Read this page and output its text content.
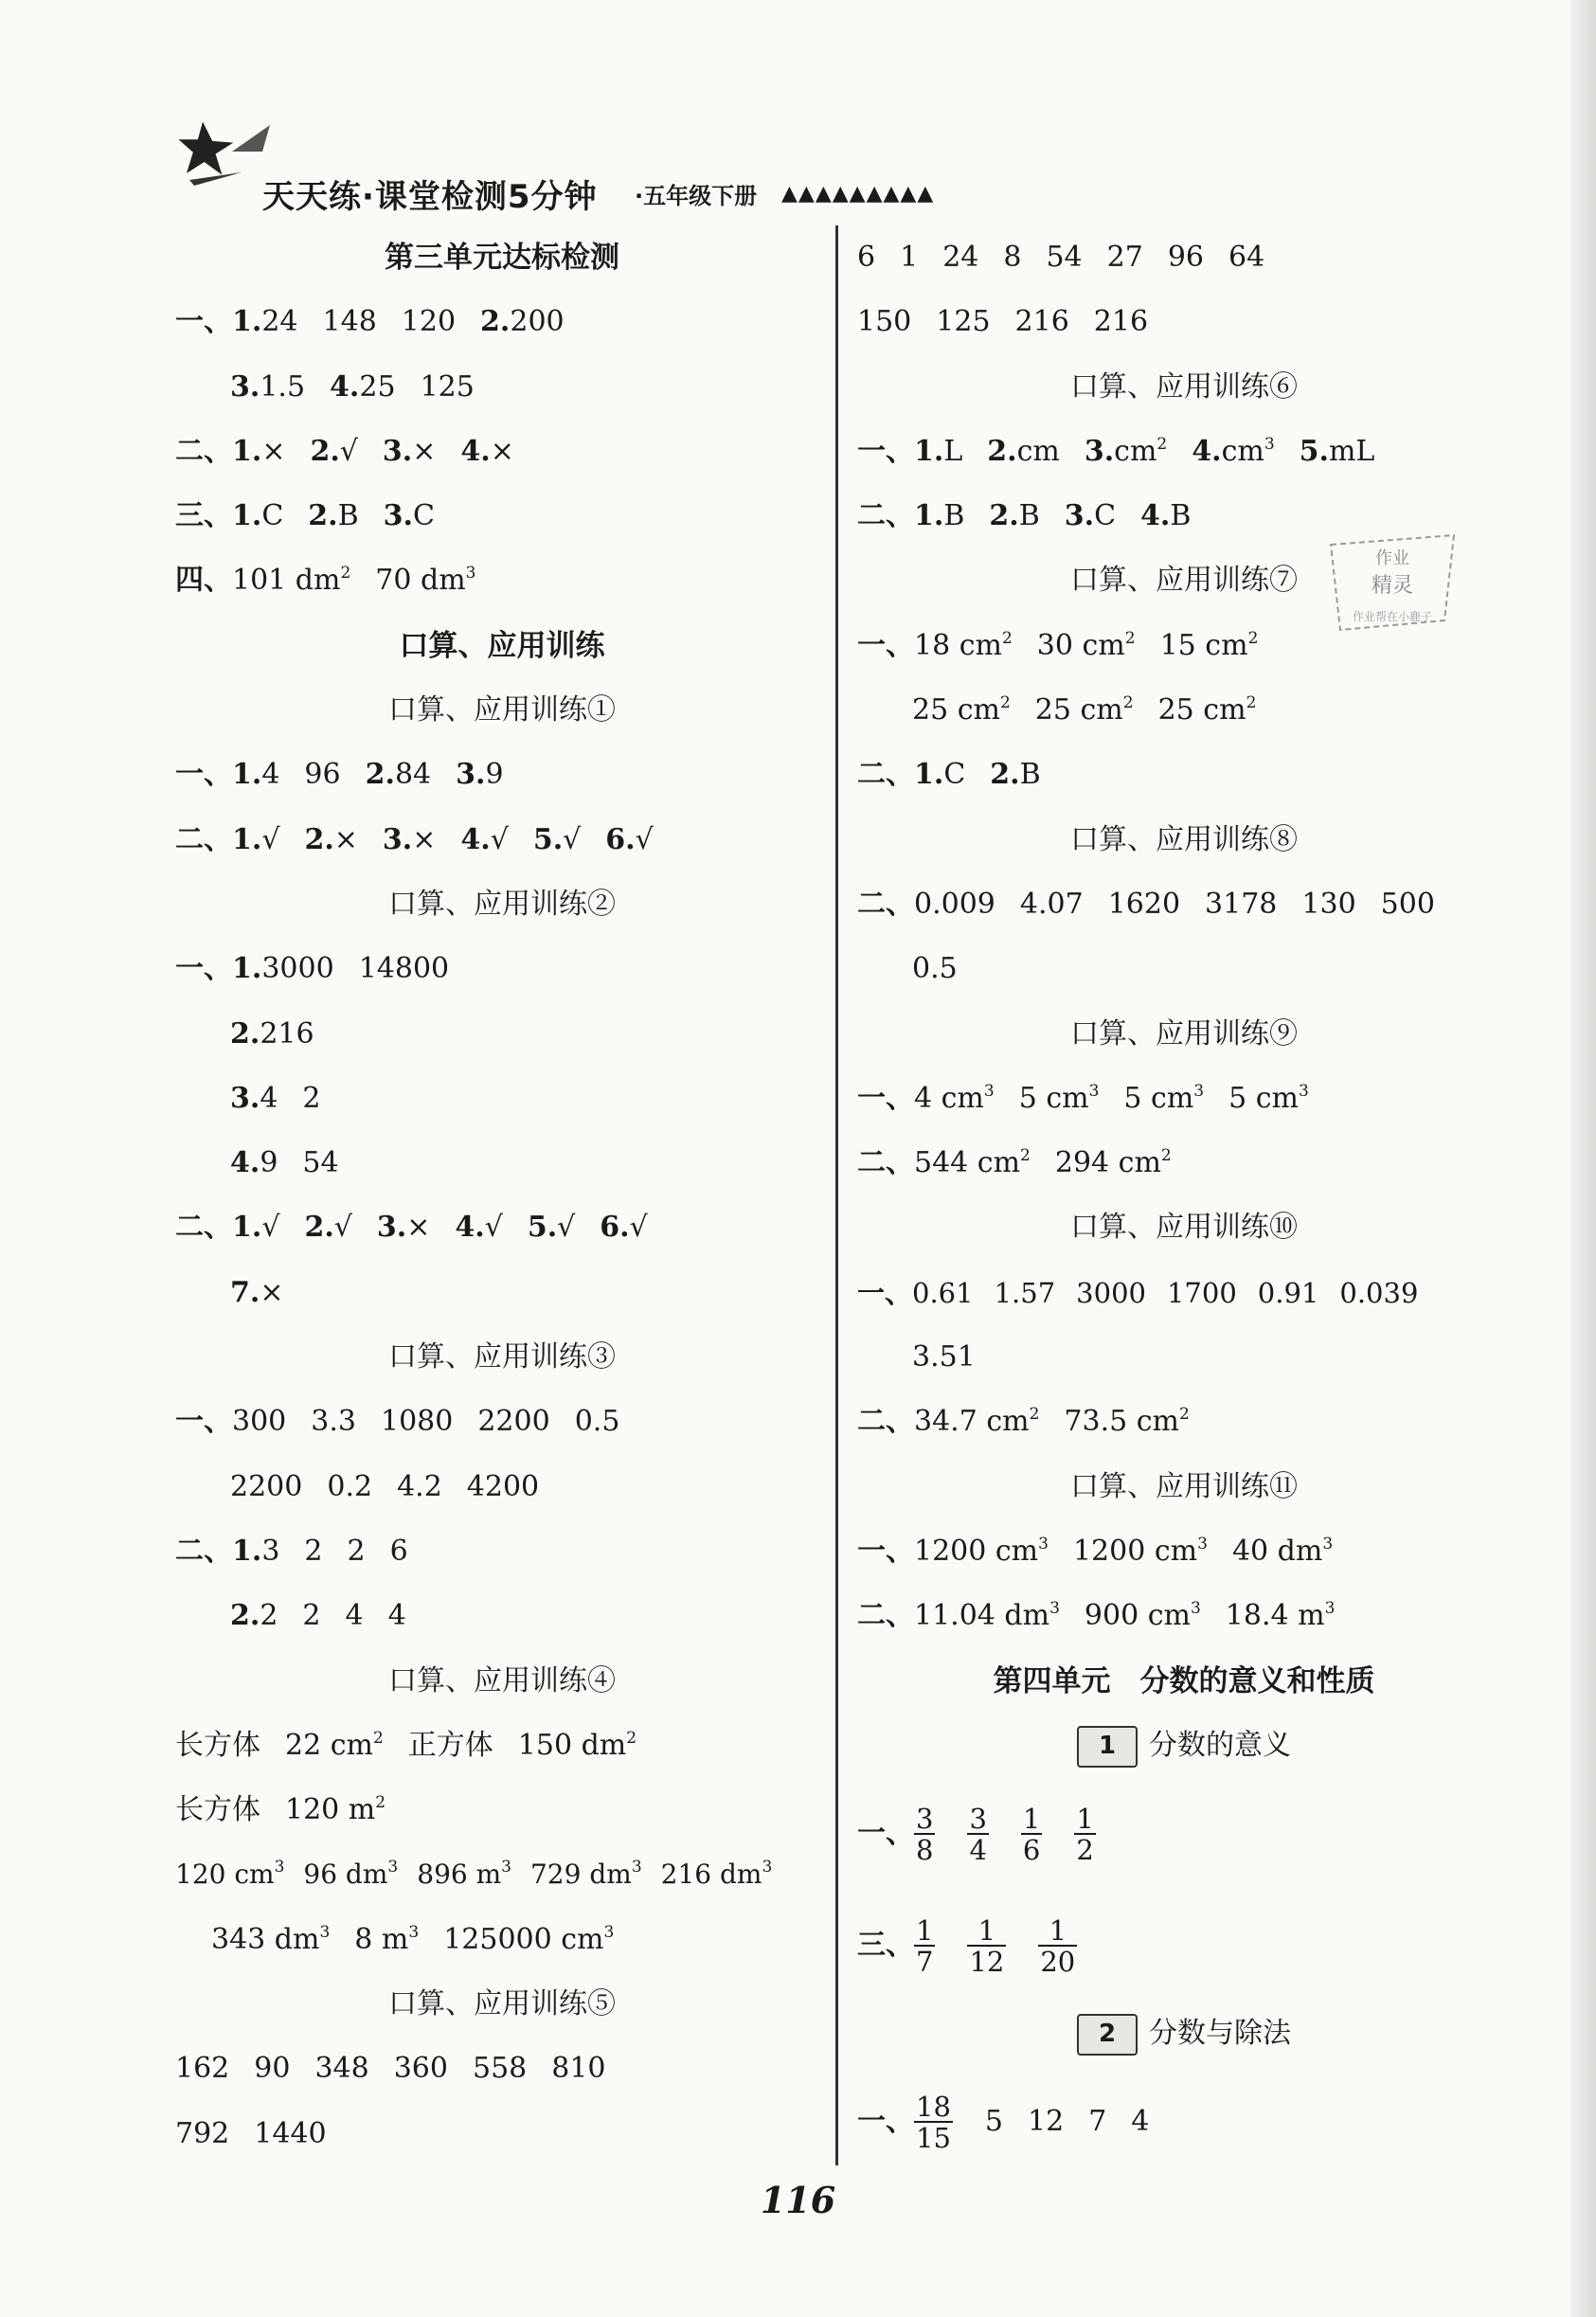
天天练·课堂检测5分钟 ·五年级下册 ▲▲▲▲▲▲▲▲▲
第三单元达标检测
一、1.24 148 120 2.200
3.1.5 4.25 125
二、1.× 2.√ 3.× 4.×
三、1.C 2.B 3.C
四、101 $dm^2$ 70 $dm^3$
口算、应用训练
口算、应用训练①
一、1.4 96 2.84 3.9
二、1.√ 2.× 3.× 4.√ 5.√ 6.√
口算、应用训练②
一、1.3000 14800
2.216
3.4 2
4.9 54
二、1.√ 2.√ 3.× 4.√ 5.√ 6.√
7.×
口算、应用训练③
一、300 3.3 1080 2200 0.5
2200 0.2 4.2 4200
二、1.3 2 2 6
2.2 2 4 4
口算、应用训练④
长方体 22 $cm^2$ 正方体 150 $dm^2$
长方体 120 $m^2$
120 $cm^3$ 96 $dm^3$ 896 $m^3$ 729 $dm^3$ 216 $dm^3$
343 $dm^3$ 8 $m^3$ 125000 $cm^3$
口算、应用训练⑤
162 90 348 360 558 810
792 1440
6 1 24 8 54 27 96 64
150 125 216 216
口算、应用训练⑥
一、1.L 2.cm $3.cm^2$ $4.cm^3$ 5.mL
二、1.B 2.B 3.C 4.B
口算、应用训练⑦
一、18 $cm^2$ 30 $cm^2$ 15 $cm^2$
25 $cm^2$ 25 $cm^2$ 25 $cm^2$
二、1.C 2.B
口算、应用训练⑧
二、0.009 4.07 1620 3178 130 500
0.5
口算、应用训练⑨
一、4 $cm^3$ 5 $cm^3$ 5 $cm^3$ 5 $cm^3$
二、544 $cm^2$ 294 $cm^2$
口算、应用训练⑩
一、0.61 1.57 3000 1700 0.91 0.039
3.51
二、34.7 $cm^2$ 73.5 $cm^2$
口算、应用训练⑪
一、1200 $cm^3$ 1200 $cm^3$ 40 $dm^3$
二、11.04 $dm^3$ 900 $cm^3$ 18.4 $m^3$
第四单元　分数的意义和性质
1 分数的意义
一、 $\frac{3}{8} \frac{3}{4} \frac{1}{6} \frac{1}{2}$
三、 $\frac{1}{7} \frac{1}{12} \frac{1}{20}$
2 分数与除法
一、 $\frac{18}{15} 5$ 12 7 4
作业
精灵
作业帮在小鹿子
116
